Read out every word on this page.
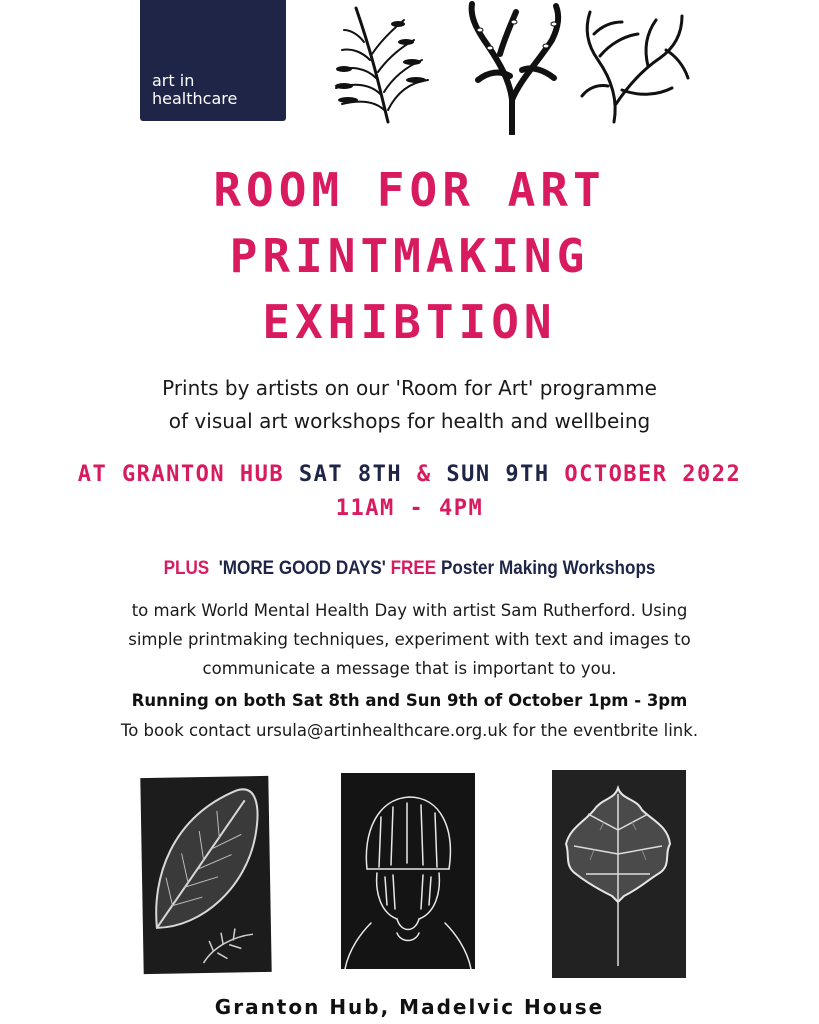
art in
healthcare
ROOM FOR ART
PRINTMAKING
EXHIBTION
Prints by artists on our 'Room for Art' programme
of visual art workshops for health and wellbeing
AT GRANTON HUB SAT 8TH & SUN 9TH OCTOBER 2022
11AM - 4PM
PLUS 'MORE GOOD DAYS' FREE Poster Making Workshops
to mark World Mental Health Day with artist Sam Rutherford. Using
simple printmaking techniques, experiment with text and images to
communicate a message that is important to you.
Running on both Sat 8th and Sun 9th of October 1pm - 3pm
To book contact ursula@artinhealthcare.org.uk for the eventbrite link.
Granton Hub, Madelvic House
